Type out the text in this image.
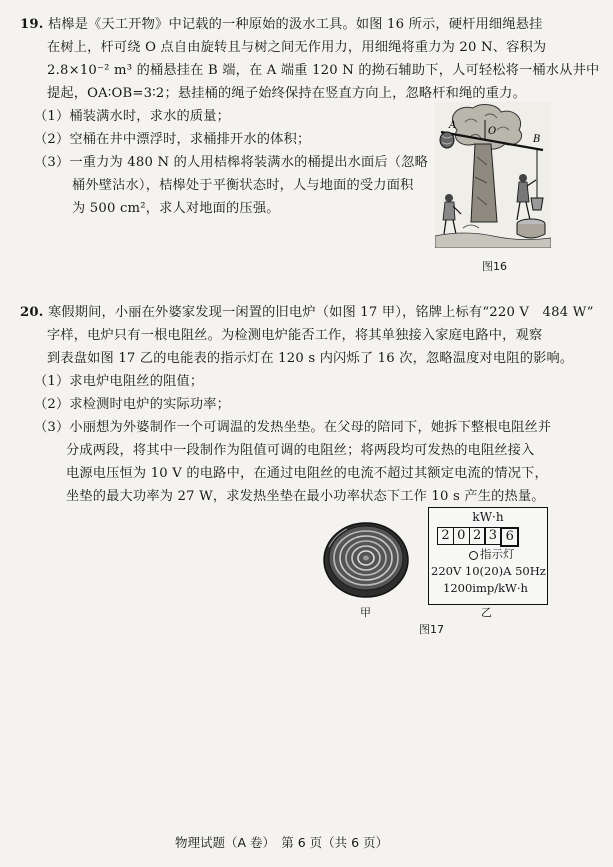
19. 桔槔是《天工开物》中记载的一种原始的汲水工具。如图 16 所示，硬杆用细绳悬挂
在树上，杆可绕 O 点自由旋转且与树之间无作用力，用细绳将重力为 20 N、容积为
2.8×10⁻² m³ 的桶悬挂在 B 端，在 A 端重 120 N 的拗石辅助下，人可轻松将一桶水从井中
提起，OA∶OB=3∶2；悬挂桶的绳子始终保持在竖直方向上，忽略杆和绳的重力。
（1）桶装满水时，求水的质量；
（2）空桶在井中漂浮时，求桶排开水的体积；
（3）一重力为 480 N 的人用桔槔将装满水的桶提出水面后（忽略
桶外壁沾水），桔槔处于平衡状态时，人与地面的受力面积
为 500 cm²，求人对地面的压强。
A
O
B
图16
20. 寒假期间，小丽在外婆家发现一闲置的旧电炉（如图 17 甲），铭牌上标有“220 V　484 W”
字样，电炉只有一根电阻丝。为检测电炉能否工作，将其单独接入家庭电路中，观察
到表盘如图 17 乙的电能表的指示灯在 120 s 内闪烁了 16 次，忽略温度对电阻的影响。
（1）求电炉电阻丝的阻值；
（2）求检测时电炉的实际功率；
（3）小丽想为外婆制作一个可调温的发热坐垫。在父母的陪同下，她拆下整根电阻丝并
分成两段，将其中一段制作为阻值可调的电阻丝；将两段均可发热的电阻丝接入
电源电压恒为 10 V 的电路中，在通过电阻丝的电流不超过其额定电流的情况下，
坐垫的最大功率为 27 W，求发热坐垫在最小功率状态下工作 10 s 产生的热量。
甲
kW·h
2 0 2 3 6
指示灯
220V 10(20)A 50Hz
1200imp/kW·h
乙
图17
物理试题（A 卷）　第 6 页（共 6 页）
